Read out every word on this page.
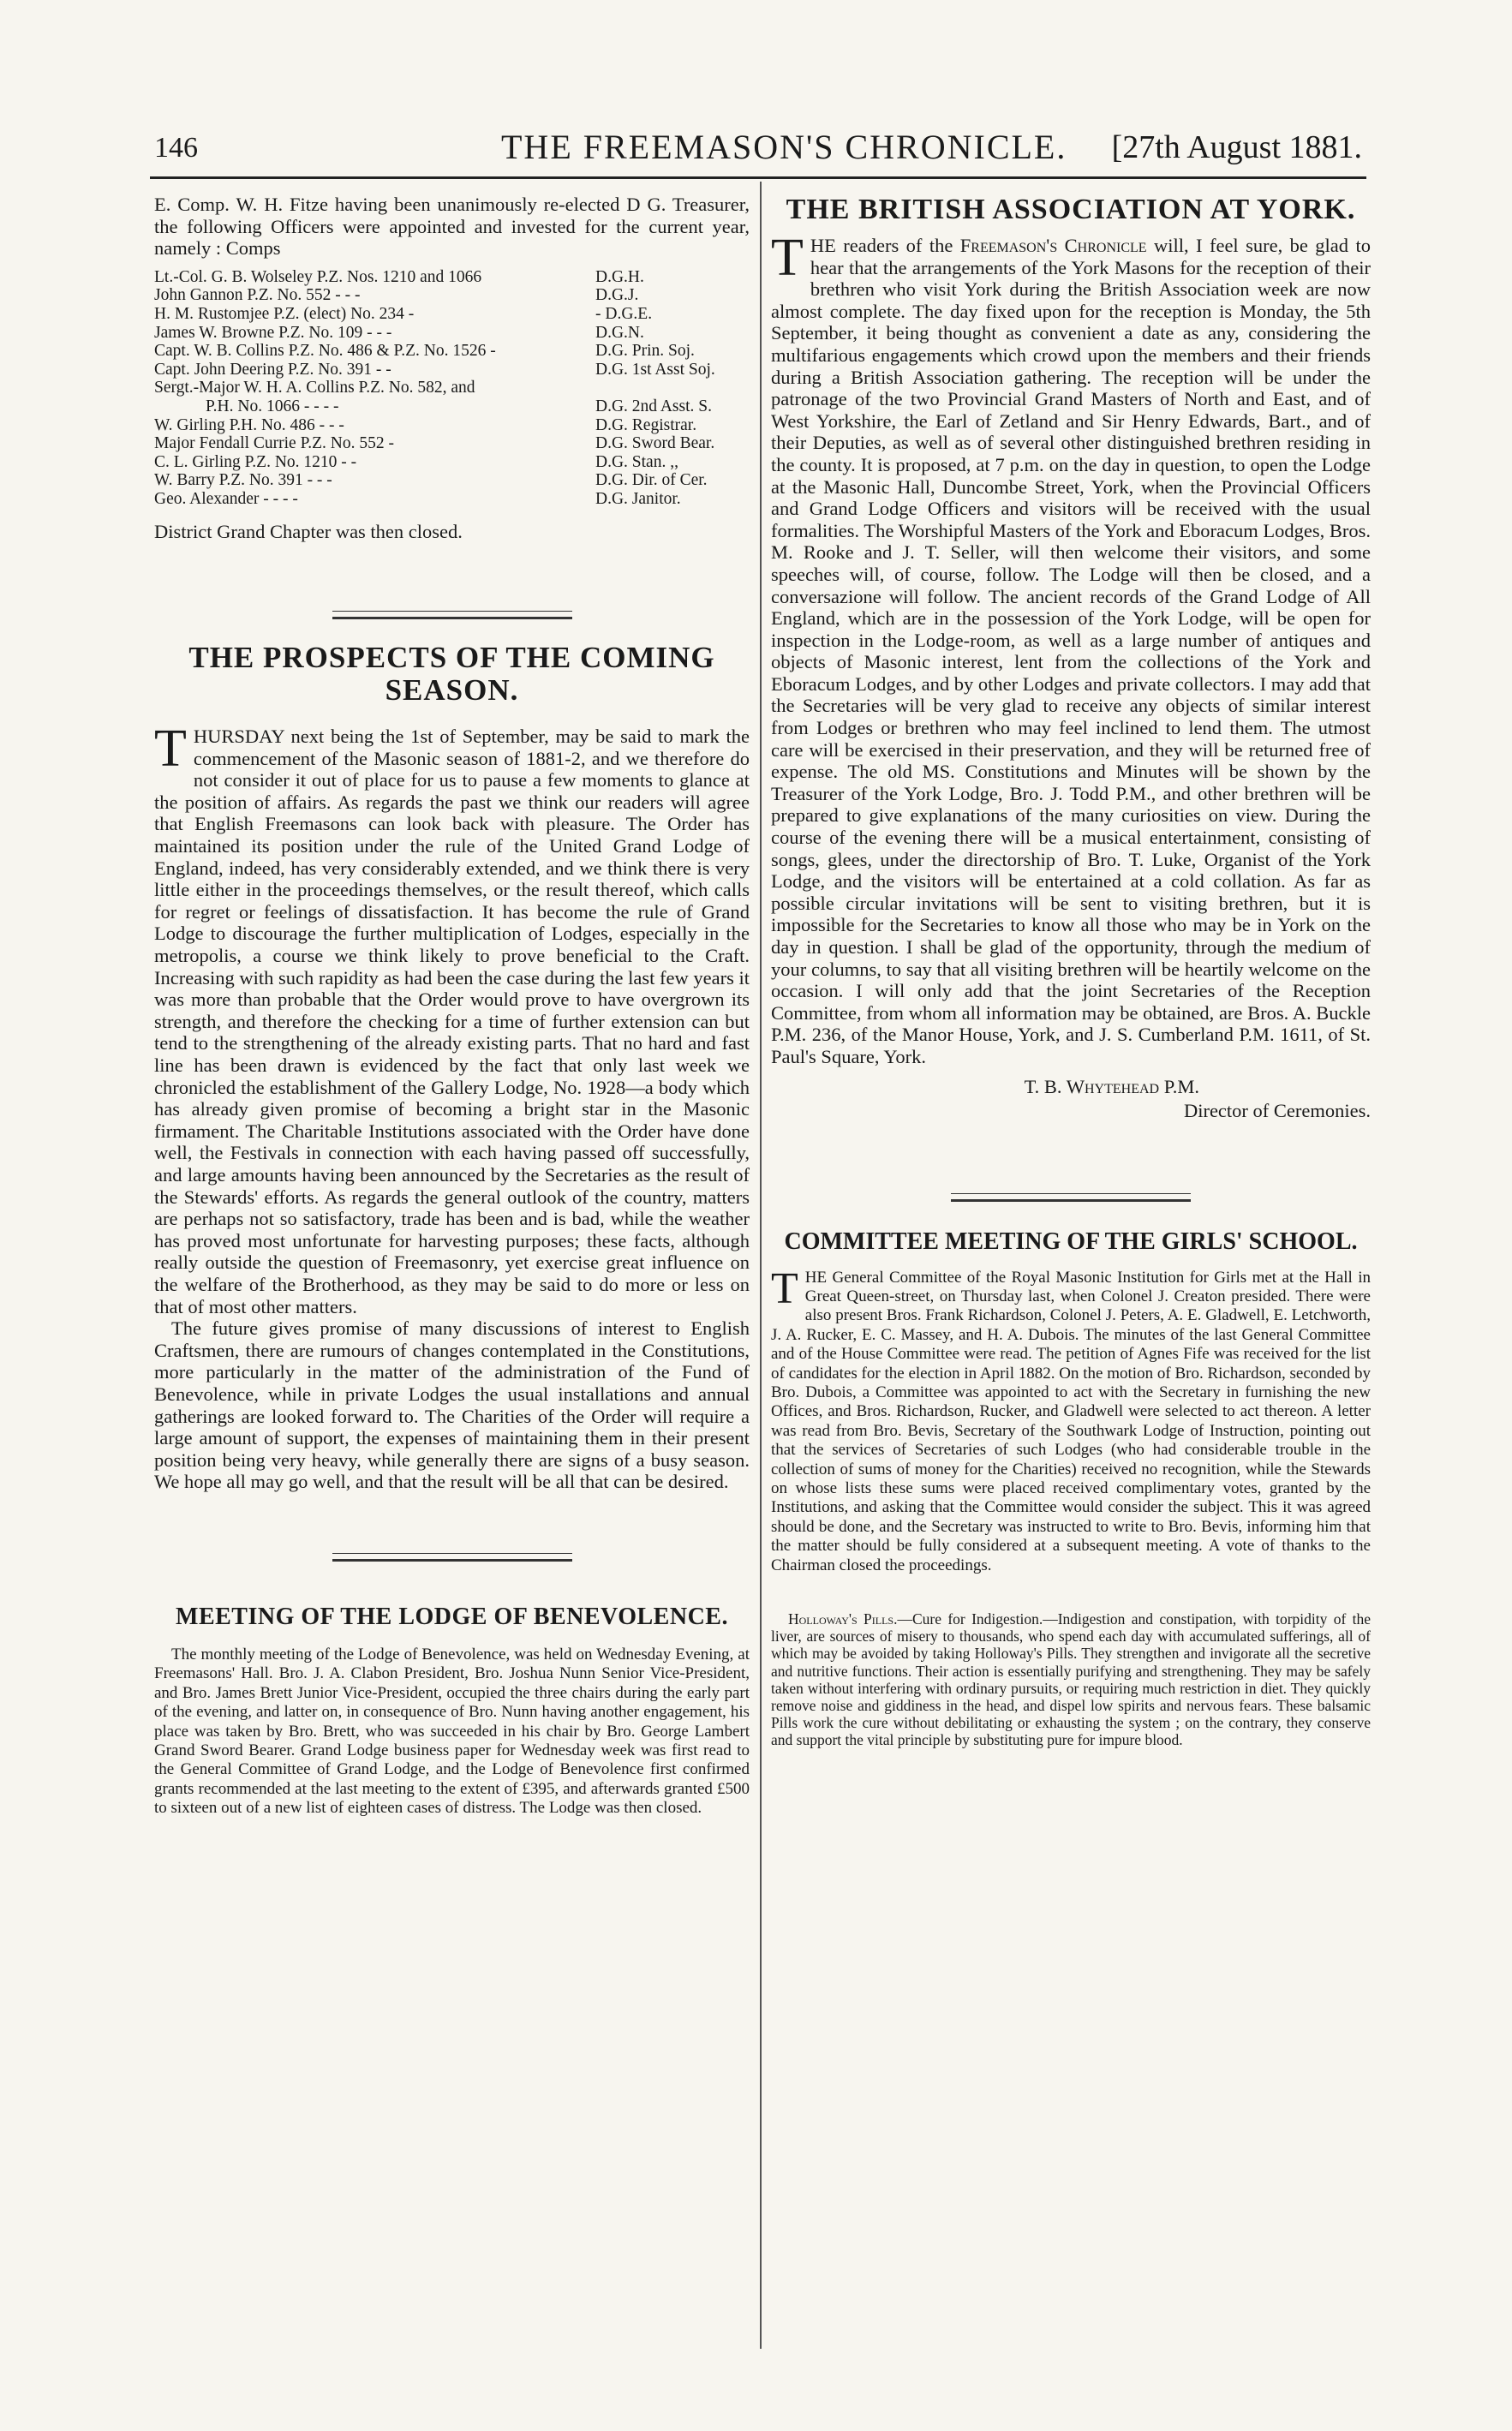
146	THE FREEMASON'S CHRONICLE. [27th August 1881.

E. Comp. W. H. Fitze having been unanimously re-elected D G. Treasurer, the following Officers were appointed and invested for the current year, namely : Comps

Lt.-Col. G. B. Wolseley P.Z. Nos. 1210 and 1066	D.G.H.
John Gannon P.Z. No. 552 - - -	D.G.J.
H. M. Rustomjee P.Z. (elect) No. 234 -	- D.G.E.
James W. Browne P.Z. No. 109 - - -	D.G.N.
Capt. W. B. Collins P.Z. No. 486 & P.Z. No. 1526 -	D.G. Prin. Soj.
Capt. John Deering P.Z. No. 391 - -	D.G. 1st Asst Soj.
Sergt.-Major W. H. A. Collins P.Z. No. 582, and
P.H. No. 1066 - - - -	D.G. 2nd Asst. S.
W. Girling P.H. No. 486 - - -	D.G. Registrar.
Major Fendall Currie P.Z. No. 552 -	D.G. Sword Bear.
C. L. Girling P.Z. No. 1210 - -	D.G. Stan. ,,
W. Barry P.Z. No. 391 - - -	D.G. Dir. of Cer.
Geo. Alexander - - - -	D.G. Janitor.

District Grand Chapter was then closed.

THE PROSPECTS OF THE COMING SEASON.

THURSDAY next being the 1st of September, may be said to mark the commencement of the Masonic season of 1881-2, and we therefore do not consider it out of place for us to pause a few moments to glance at the position of affairs. As regards the past we think our readers will agree that English Freemasons can look back with pleasure. The Order has maintained its position under the rule of the United Grand Lodge of England, indeed, has very considerably extended, and we think there is very little either in the proceedings themselves, or the result thereof, which calls for regret or feelings of dissatisfaction. It has become the rule of Grand Lodge to discourage the further multiplication of Lodges, especially in the metropolis, a course we think likely to prove beneficial to the Craft. Increasing with such rapidity as had been the case during the last few years it was more than probable that the Order would prove to have overgrown its strength, and therefore the checking for a time of further extension can but tend to the strengthening of the already existing parts. That no hard and fast line has been drawn is evidenced by the fact that only last week we chronicled the establishment of the Gallery Lodge, No. 1928—a body which has already given promise of becoming a bright star in the Masonic firmament. The Charitable Institutions associated with the Order have done well, the Festivals in connection with each having passed off successfully, and large amounts having been announced by the Secretaries as the result of the Stewards' efforts. As regards the general outlook of the country, matters are perhaps not so satisfactory, trade has been and is bad, while the weather has proved most unfortunate for harvesting purposes; these facts, although really outside the question of Freemasonry, yet exercise great influence on the welfare of the Brotherhood, as they may be said to do more or less on that of most other matters.

The future gives promise of many discussions of interest to English Craftsmen, there are rumours of changes contemplated in the Constitutions, more particularly in the matter of the administration of the Fund of Benevolence, while in private Lodges the usual installations and annual gatherings are looked forward to. The Charities of the Order will require a large amount of support, the expenses of maintaining them in their present position being very heavy, while generally there are signs of a busy season. We hope all may go well, and that the result will be all that can be desired.

MEETING OF THE LODGE OF BENEVOLENCE.
The monthly meeting of the Lodge of Benevolence, was held on Wednesday Evening, at Freemasons' Hall. Bro. J. A. Clabon President, Bro. Joshua Nunn Senior Vice-President, and Bro. James Brett Junior Vice-President, occupied the three chairs during the early part of the evening, and latter on, in consequence of Bro. Nunn having another engagement, his place was taken by Bro. Brett, who was succeeded in his chair by Bro. George Lambert Grand Sword Bearer. Grand Lodge business paper for Wednesday week was first read to the General Committee of Grand Lodge, and the Lodge of Benevolence first confirmed grants recommended at the last meeting to the extent of £395, and afterwards granted £500 to sixteen out of a new list of eighteen cases of distress. The Lodge was then closed.
THE BRITISH ASSOCIATION AT YORK.

THE readers of the Freemason's Chronicle will, I feel sure, be glad to hear that the arrangements of the York Masons for the reception of their brethren who visit York during the British Association week are now almost complete. The day fixed upon for the reception is Monday, the 5th September, it being thought as convenient a date as any, considering the multifarious engagements which crowd upon the members and their friends during a British Association gathering. The reception will be under the patronage of the two Provincial Grand Masters of North and East, and of West Yorkshire, the Earl of Zetland and Sir Henry Edwards, Bart., and of their Deputies, as well as of several other distinguished brethren residing in the county. It is proposed, at 7 p.m. on the day in question, to open the Lodge at the Masonic Hall, Duncombe Street, York, when the Provincial Officers and Grand Lodge Officers and visitors will be received with the usual formalities. The Worshipful Masters of the York and Eboracum Lodges, Bros. M. Rooke and J. T. Seller, will then welcome their visitors, and some speeches will, of course, follow. The Lodge will then be closed, and a conversazione will follow. The ancient records of the Grand Lodge of All England, which are in the possession of the York Lodge, will be open for inspection in the Lodge-room, as well as a large number of antiques and objects of Masonic interest, lent from the collections of the York and Eboracum Lodges, and by other Lodges and private collectors. I may add that the Secretaries will be very glad to receive any objects of similar interest from Lodges or brethren who may feel inclined to lend them. The utmost care will be exercised in their preservation, and they will be returned free of expense. The old MS. Constitutions and Minutes will be shown by the Treasurer of the York Lodge, Bro. J. Todd P.M., and other brethren will be prepared to give explanations of the many curiosities on view. During the course of the evening there will be a musical entertainment, consisting of songs, glees, under the directorship of Bro. T. Luke, Organist of the York Lodge, and the visitors will be entertained at a cold collation. As far as possible circular invitations will be sent to visiting brethren, but it is impossible for the Secretaries to know all those who may be in York on the day in question. I shall be glad of the opportunity, through the medium of your columns, to say that all visiting brethren will be heartily welcome on the occasion. I will only add that the joint Secretaries of the Reception Committee, from whom all information may be obtained, are Bros. A. Buckle P.M. 236, of the Manor House, York, and J. S. Cumberland P.M. 1611, of St. Paul's Square, York.

T. B. Whytehead P.M.
Director of Ceremonies.
COMMITTEE MEETING OF THE GIRLS' SCHOOL.
THE General Committee of the Royal Masonic Institution for Girls met at the Hall in Great Queen-street, on Thursday last, when Colonel J. Creaton presided. There were also present Bros. Frank Richardson, Colonel J. Peters, A. E. Gladwell, E. Letchworth, J. A. Rucker, E. C. Massey, and H. A. Dubois. The minutes of the last General Committee and of the House Committee were read. The petition of Agnes Fife was received for the list of candidates for the election in April 1882. On the motion of Bro. Richardson, seconded by Bro. Dubois, a Committee was appointed to act with the Secretary in furnishing the new Offices, and Bros. Richardson, Rucker, and Gladwell were selected to act thereon. A letter was read from Bro. Bevis, Secretary of the Southwark Lodge of Instruction, pointing out that the services of Secretaries of such Lodges (who had considerable trouble in the collection of sums of money for the Charities) received no recognition, while the Stewards on whose lists these sums were placed received complimentary votes, granted by the Institutions, and asking that the Committee would consider the subject. This it was agreed should be done, and the Secretary was instructed to write to Bro. Bevis, informing him that the matter should be fully considered at a subsequent meeting. A vote of thanks to the Chairman closed the proceedings.
Holloway's Pills.—Cure for Indigestion.—Indigestion and constipation, with torpidity of the liver, are sources of misery to thousands, who spend each day with accumulated sufferings, all of which may be avoided by taking Holloway's Pills. They strengthen and invigorate all the secretive and nutritive functions. Their action is essentially purifying and strengthening. They may be safely taken without interfering with ordinary pursuits, or requiring much restriction in diet. They quickly remove noise and giddiness in the head, and dispel low spirits and nervous fears. These balsamic Pills work the cure without debilitating or exhausting the system ; on the contrary, they conserve and support the vital principle by substituting pure for impure blood.
